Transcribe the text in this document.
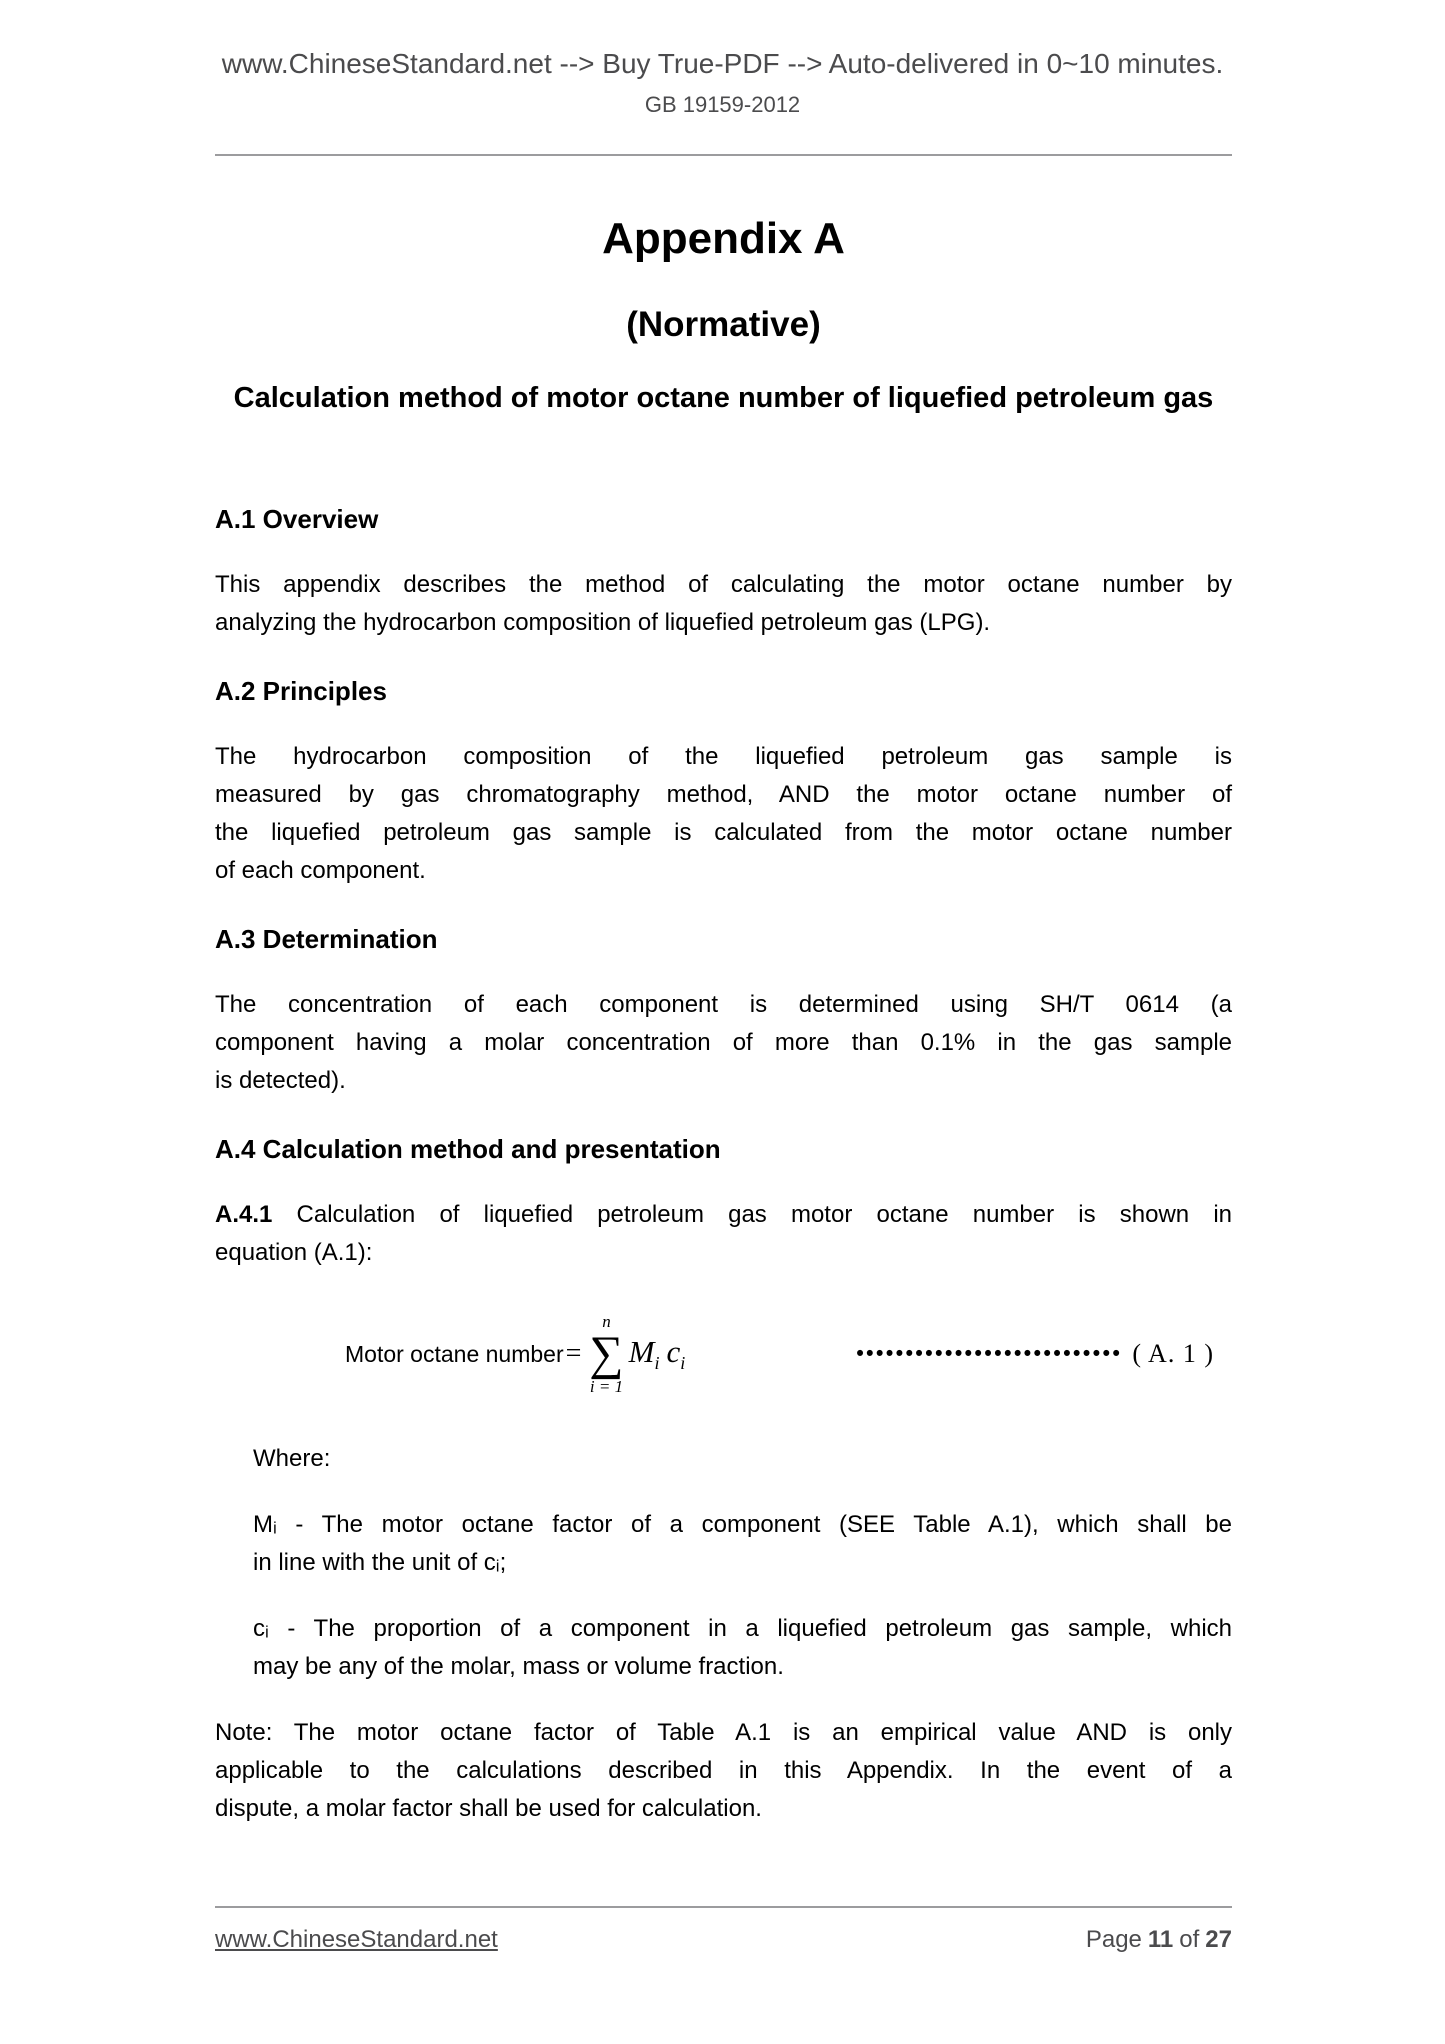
www.ChineseStandard.net --> Buy True-PDF --> Auto-delivered in 0~10 minutes.
GB 19159-2012
Appendix A
(Normative)
Calculation method of motor octane number of liquefied petroleum gas
A.1 Overview
This appendix describes the method of calculating the motor octane number by
analyzing the hydrocarbon composition of liquefied petroleum gas (LPG).
A.2 Principles
The hydrocarbon composition of the liquefied petroleum gas sample is
measured by gas chromatography method, AND the motor octane number of
the liquefied petroleum gas sample is calculated from the motor octane number
of each component.
A.3 Determination
The concentration of each component is determined using SH/T 0614 (a
component having a molar concentration of more than 0.1% in the gas sample
is detected).
A.4 Calculation method and presentation
A.4.1 Calculation of liquefied petroleum gas motor octane number is shown in
equation (A.1):
Motor octane number =
n
∑
i = 1
$M_i$ $c_i$	••••••••••••••••••••••••••• ( A. 1 )
Where:
Mᵢ - The motor octane factor of a component (SEE Table A.1), which shall be
in line with the unit of cᵢ;
cᵢ - The proportion of a component in a liquefied petroleum gas sample, which
may be any of the molar, mass or volume fraction.
Note: The motor octane factor of Table A.1 is an empirical value AND is only
applicable to the calculations described in this Appendix. In the event of a
dispute, a molar factor shall be used for calculation.
www.ChineseStandard.net	Page 11 of 27
